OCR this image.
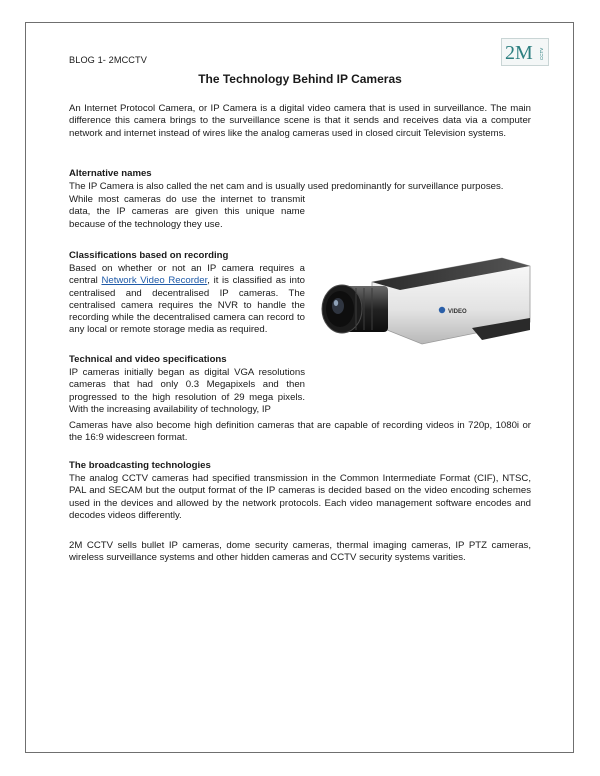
BLOG 1- 2MCCTV	2M CCTV
The Technology Behind IP Cameras
An Internet Protocol Camera, or IP Camera is a digital video camera that is used in surveillance. The main difference this camera brings to the surveillance scene is that it sends and receives data via a computer network and internet instead of wires like the analog cameras used in closed circuit Television systems.
Alternative names
The IP Camera is also called the net cam and is usually used predominantly for surveillance purposes.
While most cameras do use the internet to transmit data, the IP cameras are given this unique name because of the technology they use.
Classifications based on recording
Based on whether or not an IP camera requires a central Network Video Recorder, it is classified as into centralised and decentralised IP cameras. The centralised camera requires the NVR to handle the recording while the decentralised camera can record to any local or remote storage media as required.
Technical and video specifications
IP cameras initially began as digital VGA resolutions cameras that had only 0.3 Megapixels and then progressed to the high resolution of 29 mega pixels. With the increasing availability of technology, IP
Cameras have also become high definition cameras that are capable of recording videos in 720p, 1080i or the 16:9 widescreen format.
The broadcasting technologies
The analog CCTV cameras had specified transmission in the Common Intermediate Format (CIF), NTSC, PAL and SECAM but the output format of the IP cameras is decided based on the video encoding schemes used in the devices and allowed by the network protocols. Each video management software encodes and decodes videos differently.
2M CCTV sells bullet IP cameras, dome security cameras, thermal imaging cameras, IP PTZ cameras, wireless surveillance systems and other hidden cameras and CCTV security systems varities.
VIDEO
